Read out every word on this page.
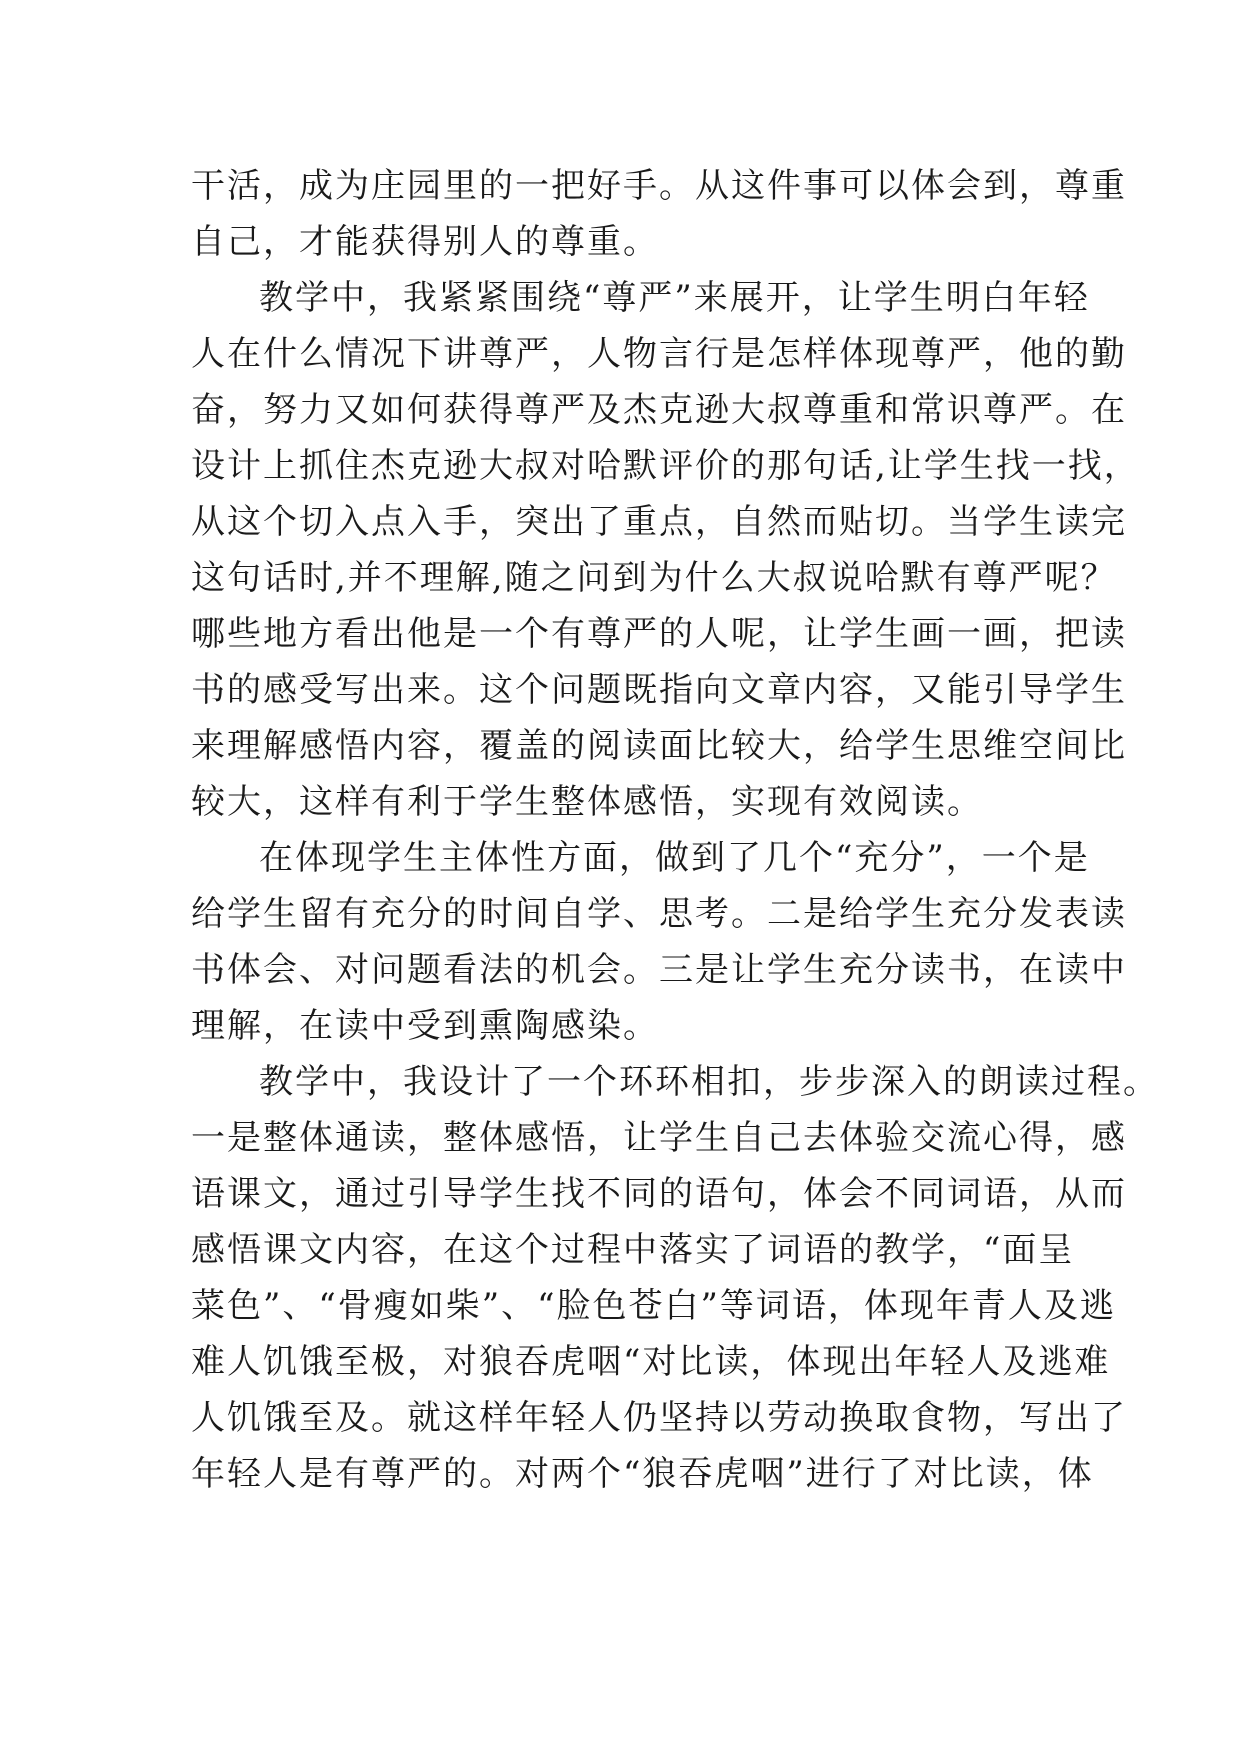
干活，成为庄园里的一把好手。从这件事可以体会到，尊重
自己，才能获得别人的尊重。
教学中，我紧紧围绕“尊严”来展开，让学生明白年轻
人在什么情况下讲尊严，人物言行是怎样体现尊严，他的勤
奋，努力又如何获得尊严及杰克逊大叔尊重和常识尊严。在
设计上抓住杰克逊大叔对哈默评价的那句话,让学生找一找，
从这个切入点入手，突出了重点，自然而贴切。当学生读完
这句话时,并不理解,随之问到为什么大叔说哈默有尊严呢？
哪些地方看出他是一个有尊严的人呢，让学生画一画，把读
书的感受写出来。这个问题既指向文章内容，又能引导学生
来理解感悟内容，覆盖的阅读面比较大，给学生思维空间比
较大，这样有利于学生整体感悟，实现有效阅读。
在体现学生主体性方面，做到了几个“充分”，一个是
给学生留有充分的时间自学、思考。二是给学生充分发表读
书体会、对问题看法的机会。三是让学生充分读书，在读中
理解，在读中受到熏陶感染。
教学中，我设计了一个环环相扣，步步深入的朗读过程。
一是整体通读，整体感悟，让学生自己去体验交流心得，感
语课文，通过引导学生找不同的语句，体会不同词语，从而
感悟课文内容，在这个过程中落实了词语的教学，“面呈
菜色”、“骨瘦如柴”、“脸色苍白”等词语，体现年青人及逃
难人饥饿至极，对狼吞虎咽“对比读，体现出年轻人及逃难
人饥饿至及。就这样年轻人仍坚持以劳动换取食物，写出了
年轻人是有尊严的。对两个“狼吞虎咽”进行了对比读，体
